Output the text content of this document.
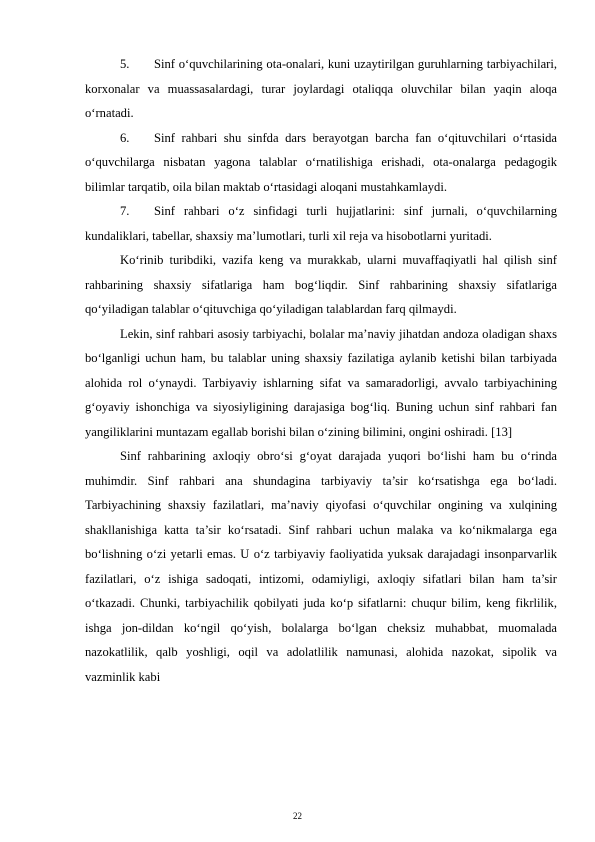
5. Sinf o‘quvchilarining ota-onalari, kuni uzaytirilgan guruhlarning tarbiyachilari, korxonalar va muassasalardagi, turar joylardagi otaliqqa oluvchilar bilan yaqin aloqa o‘rnatadi.

6. Sinf rahbari shu sinfda dars berayotgan barcha fan o‘qituvchilari o‘rtasida o‘quvchilarga nisbatan yagona talablar o‘rnatilishiga erishadi, ota-onalarga pedagogik bilimlar tarqatib, oila bilan maktab o‘rtasidagi aloqani mustahkamlaydi.

7. Sinf rahbari o‘z sinfidagi turli hujjatlarini: sinf jurnali, o‘quvchilarning kundaliklari, tabellar, shaxsiy ma’lumotlari, turli xil reja va hisobotlarni yuritadi.

Ko‘rinib turibdiki, vazifa keng va murakkab, ularni muvaffaqiyatli hal qilish sinf rahbarining shaxsiy sifatlariga ham bog‘liqdir. Sinf rahbarining shaxsiy sifatlariga qo‘yiladigan talablar o‘qituvchiga qo‘yiladigan talablardan farq qilmaydi.

Lekin, sinf rahbari asosiy tarbiyachi, bolalar ma’naviy jihatdan andoza oladigan shaxs bo‘lganligi uchun ham, bu talablar uning shaxsiy fazilatiga aylanib ketishi bilan tarbiyada alohida rol o‘ynaydi. Tarbiyaviy ishlarning sifat va samaradorligi, avvalo tarbiyachining g‘oyaviy ishonchiga va siyosiyligining darajasiga bog‘liq. Buning uchun sinf rahbari fan yangiliklarini muntazam egallab borishi bilan o‘zining bilimini, ongini oshiradi. [13]

Sinf rahbarining axloqiy obro‘si g‘oyat darajada yuqori bo‘lishi ham bu o‘rinda muhimdir. Sinf rahbari ana shundagina tarbiyaviy ta’sir ko‘rsatishga ega bo‘ladi. Tarbiyachining shaxsiy fazilatlari, ma’naviy qiyofasi o‘quvchilar ongining va xulqining shakllanishiga katta ta’sir ko‘rsatadi. Sinf rahbari uchun malaka va ko‘nikmalarga ega bo‘lishning o‘zi yetarli emas. U o‘z tarbiyaviy faoliyatida yuksak darajadagi insonparvarlik fazilatlari, o‘z ishiga sadoqati, intizomi, odamiyligi, axloqiy sifatlari bilan ham ta’sir o‘tkazadi. Chunki, tarbiyachilik qobilyati juda ko‘p sifatlarni: chuqur bilim, keng fikrlilik, ishga jon-dildan ko‘ngil qo‘yish, bolalarga bo‘lgan cheksiz muhabbat, muomalada nazokatlilik, qalb yoshligi, oqil va adolatlilik namunasi, alohida nazokat, sipolik va vazminlik kabi

22
